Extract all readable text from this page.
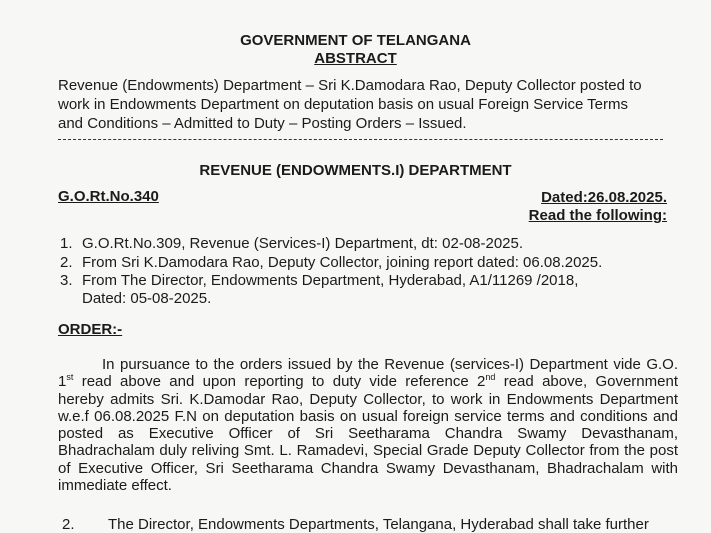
GOVERNMENT OF TELANGANA
ABSTRACT
Revenue (Endowments) Department – Sri K.Damodara Rao, Deputy Collector posted to
work in Endowments Department on deputation basis on usual Foreign Service Terms
and Conditions – Admitted to Duty – Posting Orders – Issued.
REVENUE (ENDOWMENTS.I) DEPARTMENT
G.O.Rt.No.340	Dated:26.08.2025.
Read the following:
1. G.O.Rt.No.309, Revenue (Services-I) Department, dt: 02-08-2025.
2. From Sri K.Damodara Rao, Deputy Collector, joining report dated: 06.08.2025.
3. From The Director, Endowments Department, Hyderabad, A1/11269 /2018,
Dated: 05-08-2025.
ORDER:-
In pursuance to the orders issued by the Revenue (services-I) Department vide G.O.
1st read above and upon reporting to duty vide reference 2nd read above, Government
hereby admits Sri. K.Damodar Rao, Deputy Collector, to work in Endowments Department
w.e.f 06.08.2025 F.N on deputation basis on usual foreign service terms and conditions and
posted as Executive Officer of Sri Seetharama Chandra Swamy Devasthanam,
Bhadrachalam duly reliving Smt. L. Ramadevi, Special Grade Deputy Collector from the post
of Executive Officer, Sri Seetharama Chandra Swamy Devasthanam, Bhadrachalam with
immediate effect.
2. The Director, Endowments Departments, Telangana, Hyderabad shall take further
